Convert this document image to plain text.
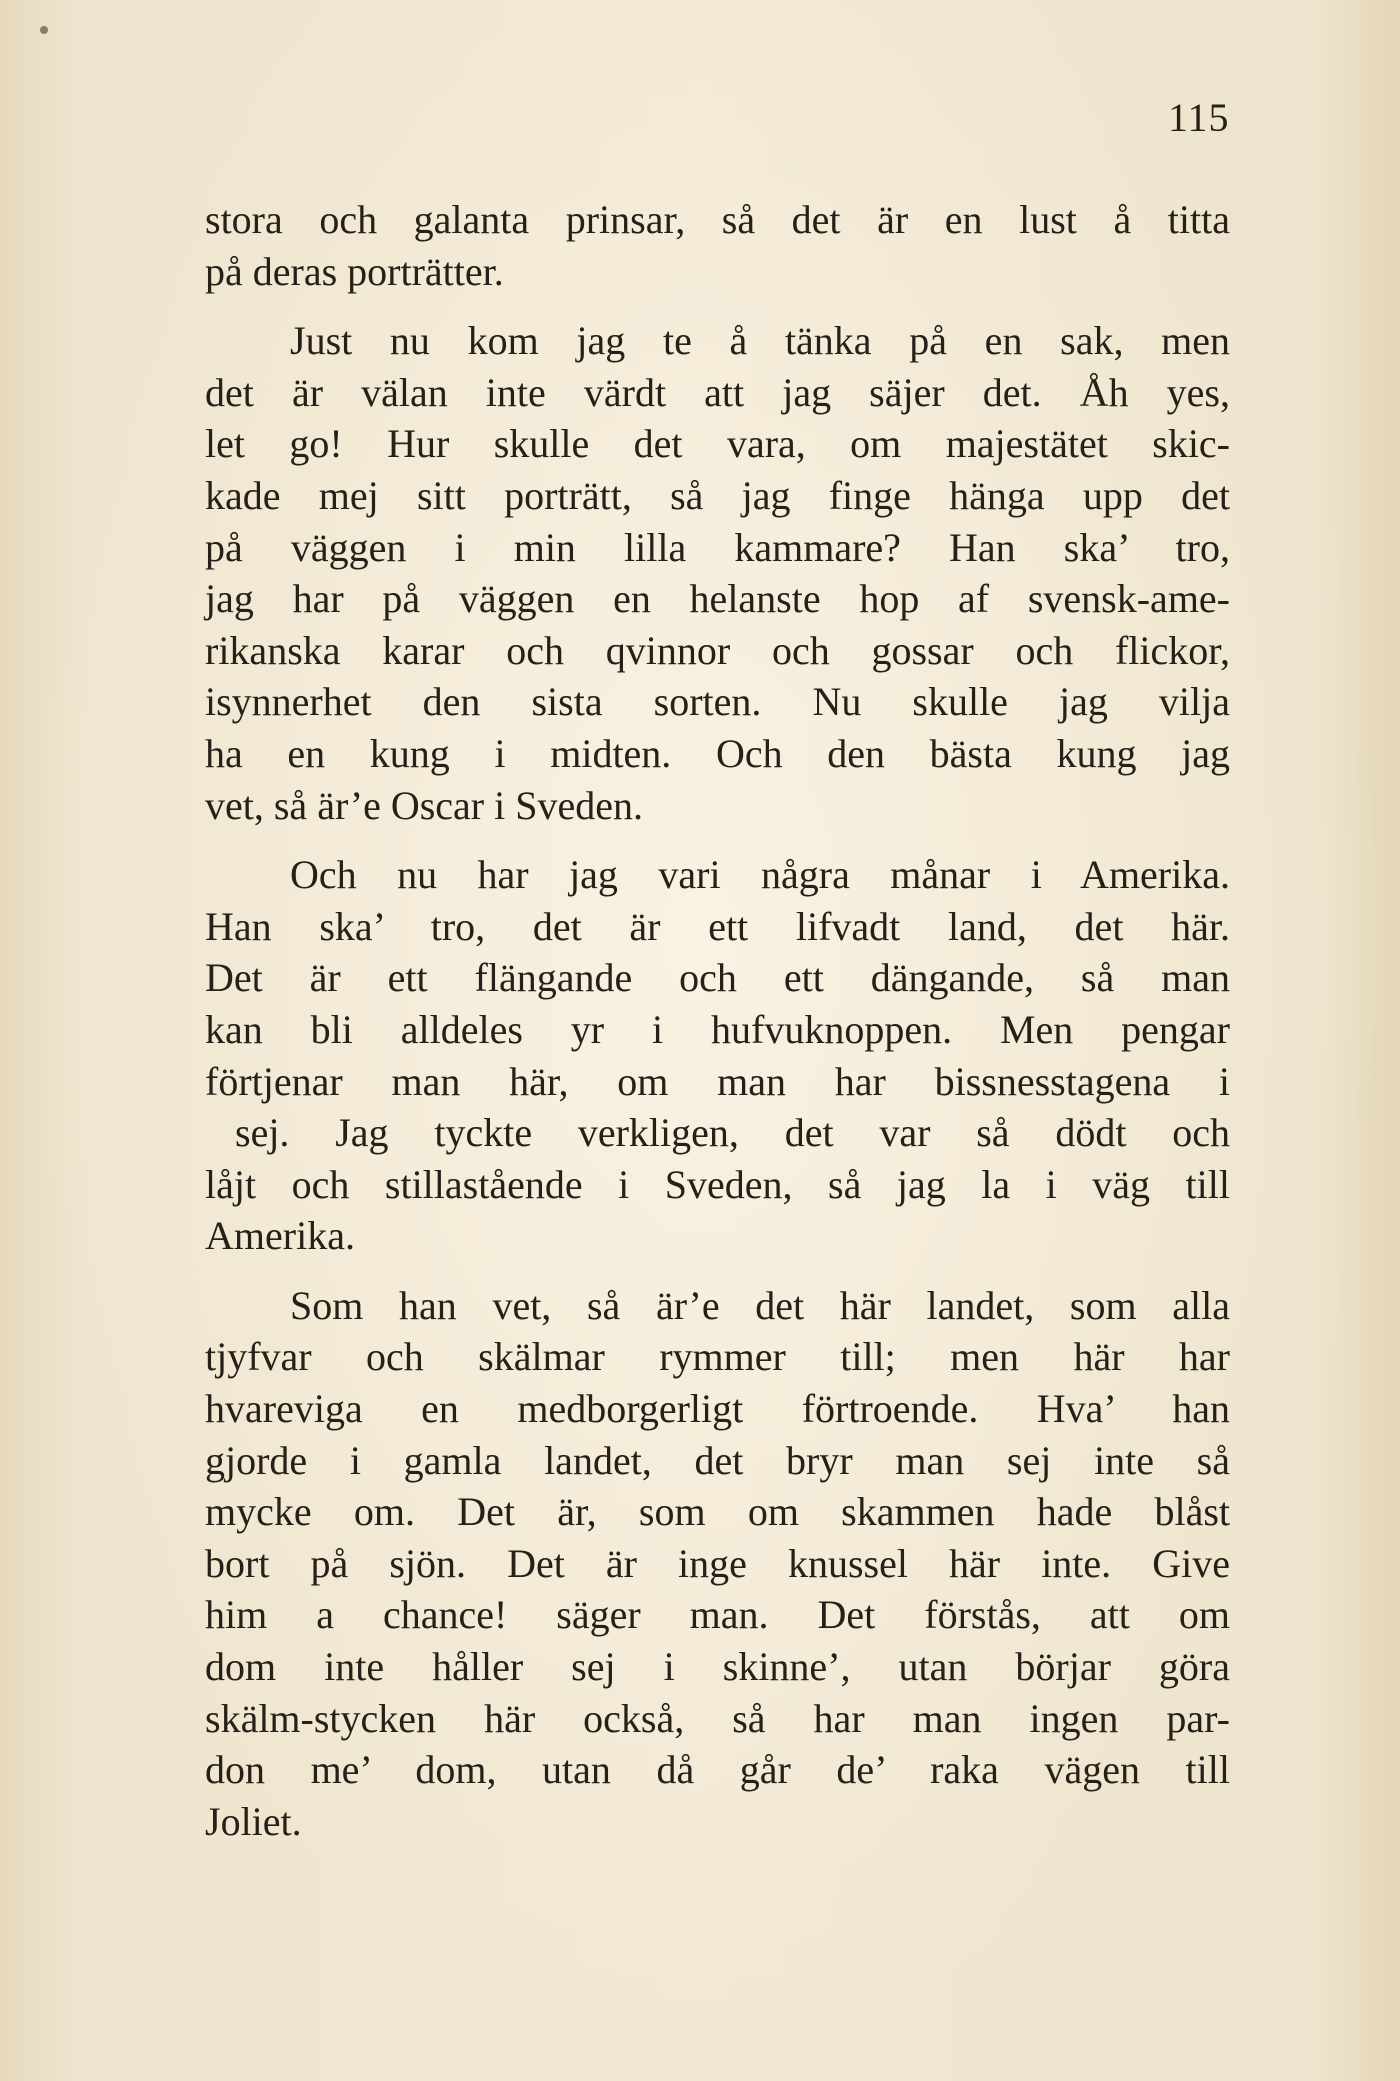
115
stora och galanta prinsar, så det är en lust å titta
på deras porträtter.
Just nu kom jag te å tänka på en sak, men
det är välan inte värdt att jag säjer det. Åh yes,
let go! Hur skulle det vara, om majestätet skic-
kade mej sitt porträtt, så jag finge hänga upp det
på väggen i min lilla kammare? Han ska’ tro,
jag har på väggen en helanste hop af svensk-ame-
rikanska karar och qvinnor och gossar och flickor,
isynnerhet den sista sorten. Nu skulle jag vilja
ha en kung i midten. Och den bästa kung jag
vet, så är’e Oscar i Sveden.
Och nu har jag vari några månar i Amerika.
Han ska’ tro, det är ett lifvadt land, det här.
Det är ett flängande och ett dängande, så man
kan bli alldeles yr i hufvuknoppen. Men pengar
förtjenar man här, om man har bissnesstagena i
sej. Jag tyckte verkligen, det var så dödt och
låjt och stillastående i Sveden, så jag la i väg till
Amerika.
Som han vet, så är’e det här landet, som alla
tjyfvar och skälmar rymmer till; men här har
hvareviga en medborgerligt förtroende. Hva’ han
gjorde i gamla landet, det bryr man sej inte så
mycke om. Det är, som om skammen hade blåst
bort på sjön. Det är inge knussel här inte. Give
him a chance! säger man. Det förstås, att om
dom inte håller sej i skinne’, utan börjar göra
skälm-stycken här också, så har man ingen par-
don me’ dom, utan då går de’ raka vägen till
Joliet.
